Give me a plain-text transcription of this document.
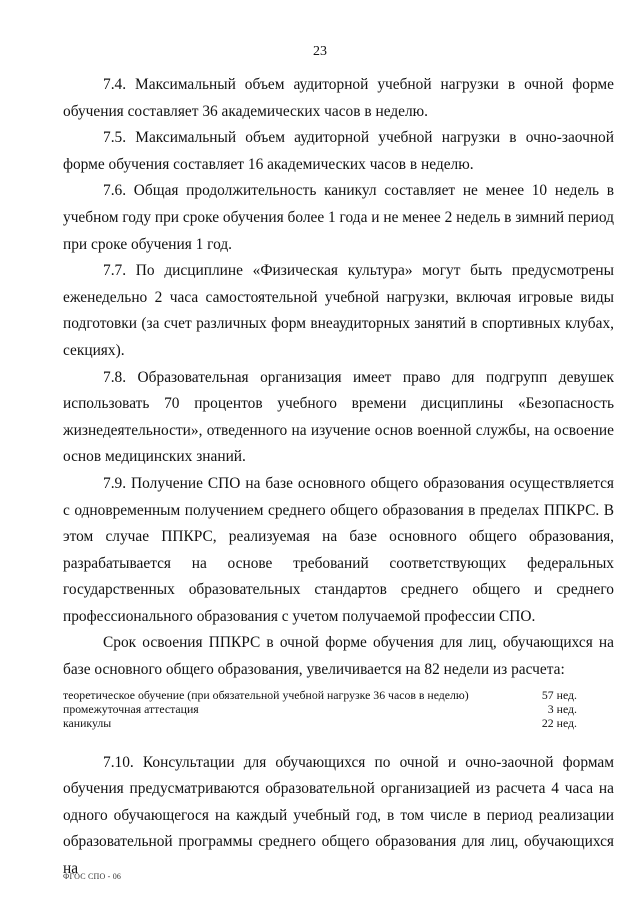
23

7.4. Максимальный объем аудиторной учебной нагрузки в очной форме обучения составляет 36 академических часов в неделю.

7.5. Максимальный объем аудиторной учебной нагрузки в очно-заочной форме обучения составляет 16 академических часов в неделю.

7.6. Общая продолжительность каникул составляет не менее 10 недель в учебном году при сроке обучения более 1 года и не менее 2 недель в зимний период при сроке обучения 1 год.

7.7. По дисциплине «Физическая культура» могут быть предусмотрены еженедельно 2 часа самостоятельной учебной нагрузки, включая игровые виды подготовки (за счет различных форм внеаудиторных занятий в спортивных клубах, секциях).

7.8. Образовательная организация имеет право для подгрупп девушек использовать 70 процентов учебного времени дисциплины «Безопасность жизнедеятельности», отведенного на изучение основ военной службы, на освоение основ медицинских знаний.

7.9. Получение СПО на базе основного общего образования осуществляется с одновременным получением среднего общего образования в пределах ППКРС. В этом случае ППКРС, реализуемая на базе основного общего образования, разрабатывается на основе требований соответствующих федеральных государственных образовательных стандартов среднего общего и среднего профессионального образования с учетом получаемой профессии СПО.

Срок освоения ППКРС в очной форме обучения для лиц, обучающихся на базе основного общего образования, увеличивается на 82 недели из расчета:

теоретическое обучение (при обязательной учебной нагрузке 36 часов в неделю)	57 нед.
промежуточная аттестация	3 нед.
каникулы	22 нед.

7.10. Консультации для обучающихся по очной и очно-заочной формам обучения предусматриваются образовательной организацией из расчета 4 часа на одного обучающегося на каждый учебный год, в том числе в период реализации образовательной программы среднего общего образования для лиц, обучающихся на

ФГОС СПО - 06
